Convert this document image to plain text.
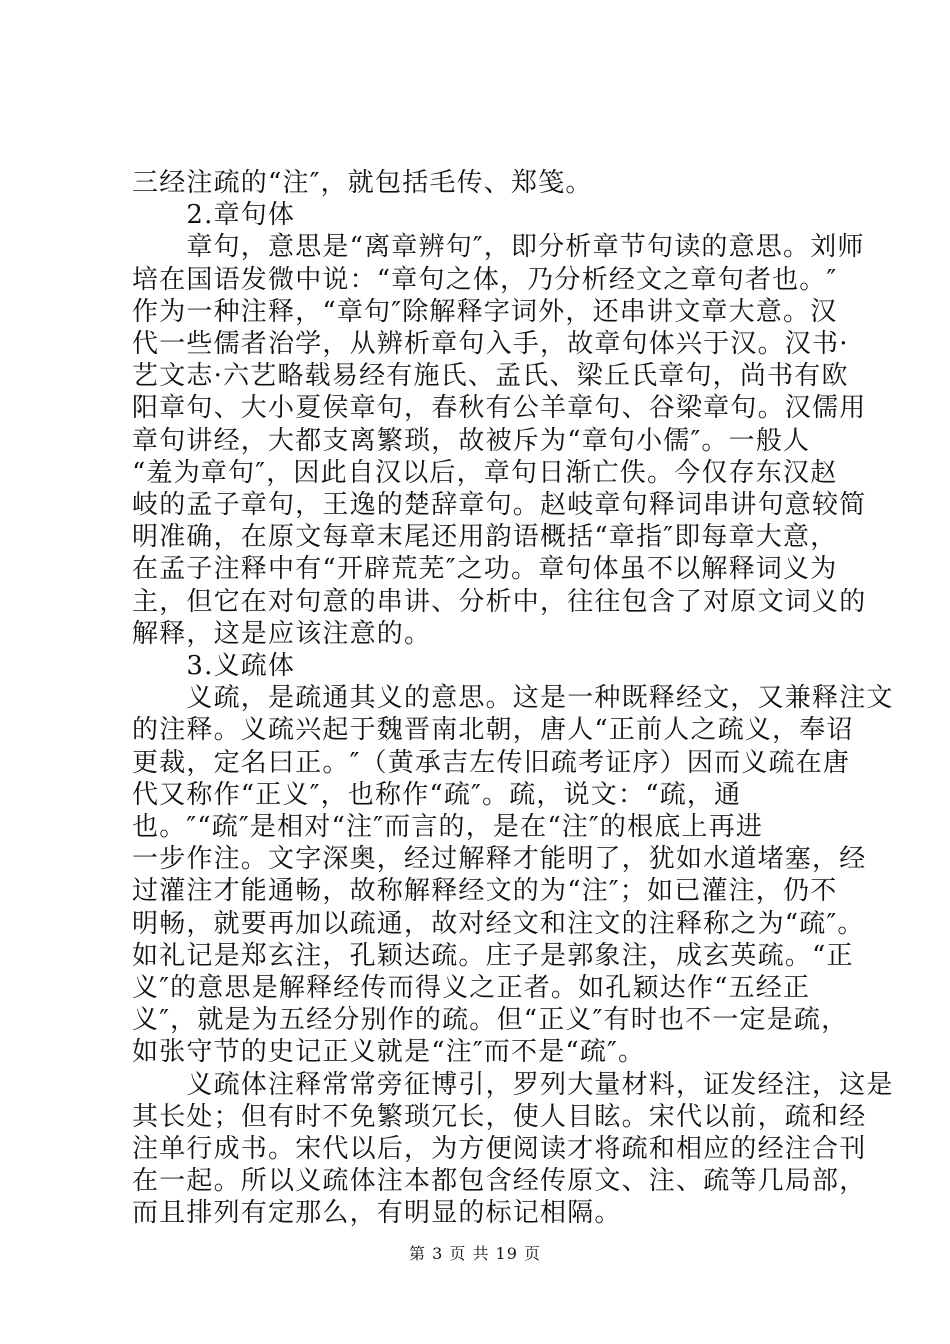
三经注疏的“注″，就包括毛传、郑笺。
　　2.章句体
　　章句，意思是“离章辨句″，即分析章节句读的意思。刘师
培在国语发微中说：“章句之体，乃分析经文之章句者也。″
作为一种注释，“章句″除解释字词外，还串讲文章大意。汉
代一些儒者治学，从辨析章句入手，故章句体兴于汉。汉书·
艺文志·六艺略载易经有施氏、孟氏、梁丘氏章句，尚书有欧
阳章句、大小夏侯章句，春秋有公羊章句、谷梁章句。汉儒用
章句讲经，大都支离繁琐，故被斥为“章句小儒″。一般人
“羞为章句″，因此自汉以后，章句日渐亡佚。今仅存东汉赵
岐的孟子章句，王逸的楚辞章句。赵岐章句释词串讲句意较简
明准确，在原文每章末尾还用韵语概括“章指″即每章大意，
在孟子注释中有“开辟荒芜″之功。章句体虽不以解释词义为
主，但它在对句意的串讲、分析中，往往包含了对原文词义的
解释，这是应该注意的。
　　3.义疏体
　　义疏，是疏通其义的意思。这是一种既释经文，又兼释注文
的注释。义疏兴起于魏晋南北朝，唐人“正前人之疏义，奉诏
更裁，定名曰正。″（黄承吉左传旧疏考证序）因而义疏在唐
代又称作“正义″，也称作“疏″。疏，说文：“疏，通
也。″“疏″是相对“注″而言的，是在“注″的根底上再进
一步作注。文字深奥，经过解释才能明了，犹如水道堵塞，经
过灌注才能通畅，故称解释经文的为“注″；如已灌注，仍不
明畅，就要再加以疏通，故对经文和注文的注释称之为“疏″。
如礼记是郑玄注，孔颖达疏。庄子是郭象注，成玄英疏。“正
义″的意思是解释经传而得义之正者。如孔颖达作“五经正
义″，就是为五经分别作的疏。但“正义″有时也不一定是疏，
如张守节的史记正义就是“注″而不是“疏″。
　　义疏体注释常常旁征博引，罗列大量材料，证发经注，这是
其长处；但有时不免繁琐冗长，使人目眩。宋代以前，疏和经
注单行成书。宋代以后，为方便阅读才将疏和相应的经注合刊
在一起。所以义疏体注本都包含经传原文、注、疏等几局部，
而且排列有定那么，有明显的标记相隔。
第 3 页 共 19 页
